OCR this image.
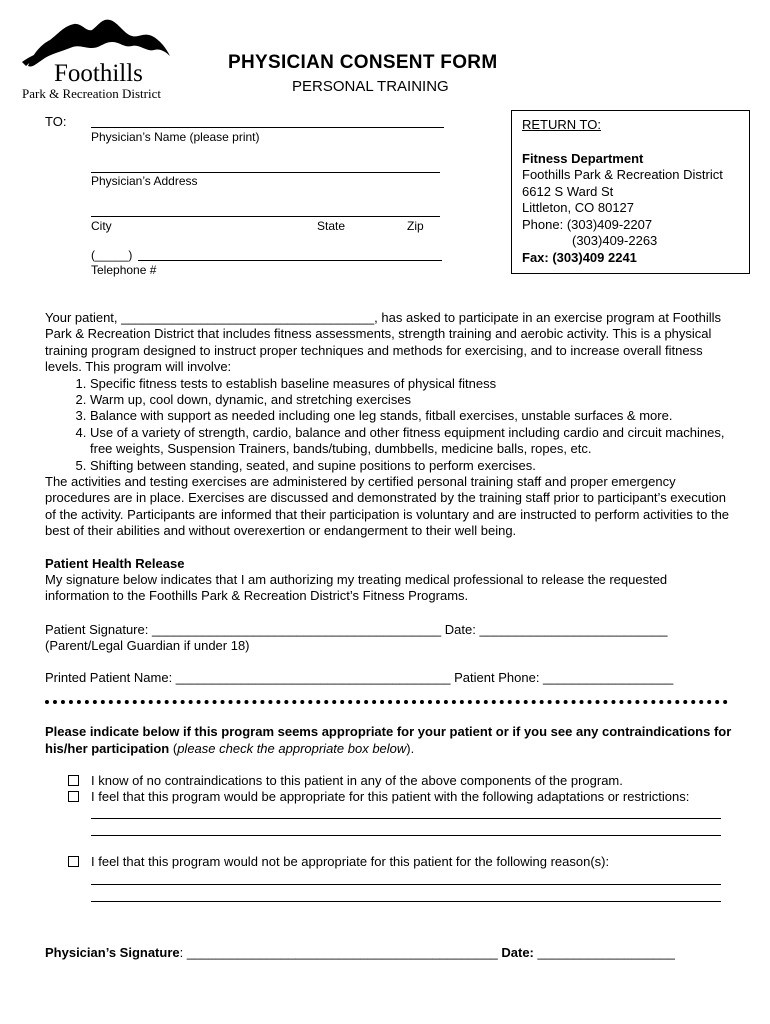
Foothills
Park & Recreation District
PHYSICIAN CONSENT FORM
PERSONAL TRAINING
TO:
Physician’s Name (please print)
Physician’s Address
City	State	Zip
(_____)
Telephone #
RETURN TO:
Fitness Department
Foothills Park & Recreation District
6612 S Ward St
Littleton, CO 80127
Phone: (303)409-2207
(303)409-2263
Fax: (303)409 2241

Your patient, ___________________________________, has asked to participate in an exercise program at Foothills Park & Recreation District that includes fitness assessments, strength training and aerobic activity. This is a physical training program designed to instruct proper techniques and methods for exercising, and to increase overall fitness levels. This program will involve:

1. Specific fitness tests to establish baseline measures of physical fitness
2. Warm up, cool down, dynamic, and stretching exercises
3. Balance with support as needed including one leg stands, fitball exercises, unstable surfaces & more.
4. Use of a variety of strength, cardio, balance and other fitness equipment including cardio and circuit machines, free weights, Suspension Trainers, bands/tubing, dumbbells, medicine balls, ropes, etc.
5. Shifting between standing, seated, and supine positions to perform exercises.

The activities and testing exercises are administered by certified personal training staff and proper emergency procedures are in place. Exercises are discussed and demonstrated by the training staff prior to participant’s execution of the activity. Participants are informed that their participation is voluntary and are instructed to perform activities to the best of their abilities and without overexertion or endangerment to their well being.

Patient Health Release
My signature below indicates that I am authorizing my treating medical professional to release the requested information to the Foothills Park & Recreation District’s Fitness Programs.
Patient Signature: ________________________________________ Date: __________________________
(Parent/Legal Guardian if under 18)
Printed Patient Name: ______________________________________ Patient Phone: __________________
Please indicate below if this program seems appropriate for your patient or if you see any contraindications for his/her participation (please check the appropriate box below).
I know of no contraindications to this patient in any of the above components of the program.
I feel that this program would be appropriate for this patient with the following adaptations or restrictions:
I feel that this program would not be appropriate for this patient for the following reason(s):
Physician’s Signature: ___________________________________________ Date: ___________________
